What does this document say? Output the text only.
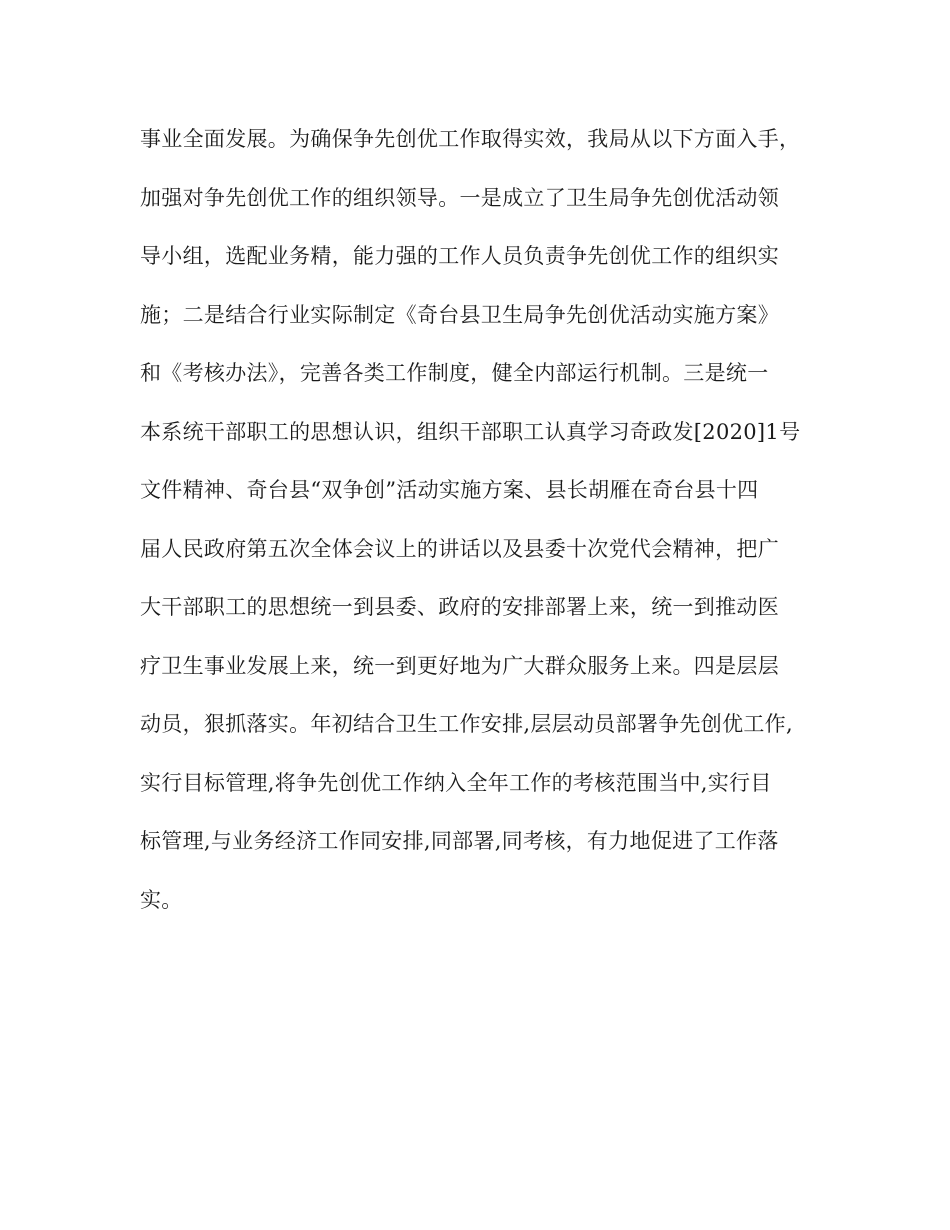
事业全面发展。为确保争先创优工作取得实效，我局从以下方面入手，
加强对争先创优工作的组织领导。一是成立了卫生局争先创优活动领
导小组，选配业务精，能力强的工作人员负责争先创优工作的组织实
施；二是结合行业实际制定《奇台县卫生局争先创优活动实施方案》
和《考核办法》，完善各类工作制度，健全内部运行机制。三是统一
本系统干部职工的思想认识，组织干部职工认真学习奇政发[2020]1号
文件精神、奇台县“双争创”活动实施方案、县长胡雁在奇台县十四
届人民政府第五次全体会议上的讲话以及县委十次党代会精神，把广
大干部职工的思想统一到县委、政府的安排部署上来，统一到推动医
疗卫生事业发展上来，统一到更好地为广大群众服务上来。四是层层
动员，狠抓落实。年初结合卫生工作安排,层层动员部署争先创优工作,
实行目标管理,将争先创优工作纳入全年工作的考核范围当中,实行目
标管理,与业务经济工作同安排,同部署,同考核，有力地促进了工作落
实。
